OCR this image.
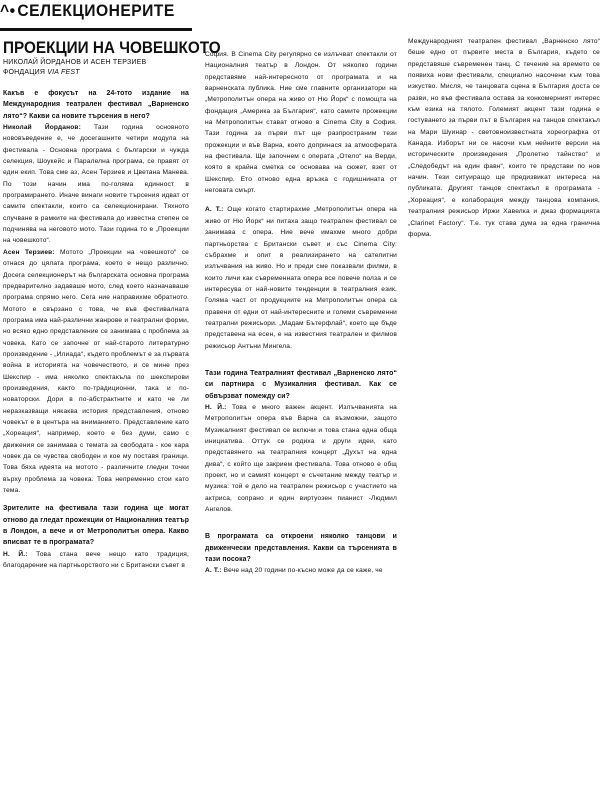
^• СЕЛЕКЦИОНЕРИТЕ
ПРОЕКЦИИ НА ЧОВЕШКОТО

НИКОЛАЙ ЙОРДАНОВ И АСЕН ТЕРЗИЕВ

ФОНДАЦИЯ VIA FEST

Какъв е фокусът на 24-тото издание на Международния театрален фестивал „Варненско лято“? Какви са новите търсения в него?

Николай Йорданов: Тази година основното нововъведение е, че досегашните четири модула на фестивала - Основна програма с български и чужда селекция, Шоукейс и Паралелна програма, се правят от един екип. Това сме аз, Асен Терзиев и Цветана Манева. По този начин има по-голяма единност в програмирането. Иначе винаги новите търсения идват от самите спектакли, които са селекционирани. Тяхното случване в рамките на фестивала до известна степен се подчинява на неговото мото. Тази година то е „Проекции на човешкото“.

Асен Терзиев: Мотото „Проекции на човешкото“ се отнася до цялата програма, което е нещо различно. Досега селекционерът на българската основна програма предварително задаваше мото, след което назначаваше програма спрямо него. Сега ние направихме обратното. Мотото е свързано с това, че във фестивалната програма има най-различни жанрове и театрални форми, но всяко едно представление се занимава с проблема за човека. Като се започне от най-старото литературно произведение - „Илиада“, където проблемът е за първата война в историята на човечеството, и се мине през Шекспир - има няколко спектакъла по шекспирови произведения, както по-традиционни, така и по-новаторски. Дори в по-абстрактните и като че ли неразказващи някаква история представления, отново човекът е в центъра на вниманието. Представление като „Хореация“, например, което е без думи, само с движения се занимава с темата за свободата - кое кара човек да се чувства свободен и кое му поставя граници. Това бяха идеята на мотото - различните гледни точки върху проблема за човека. Това непременно стои като тема.

Зрителите на фестивала тази година ще могат отново да гледат прожекции от Националния театър в Лондон, а вече и от Метрополитън опера. Какво вписват те в програмата?

Н. Й.: Това стана вече нещо като традиция, благодарение на партньорството ни с Британски съвет в

София. В Cinema City регулярно се излъчват спектакли от Националния театър в Лондон. От няколко години представяме най-интересното от програмата и на варненската публика. Ние сме главните организатори на „Метрополитън опера на живо от Ню Йорк“ с помощта на фондация „Америка за България“, като самите прожекции на Метрополитън стават отново в Cinema City в София. Тази година за първи път ще разпространим тези прожекции и във Варна, което допринася за атмосферата на фестивала. Ще започнем с операта „Отело“ на Верди, която в крайна сметка се основава на сюжет, взет от Шекспир. Ето отново една връзка с годишнината от неговата смърт.

А. Т.: Още когато стартирахме „Метрополитън опера на живо от Ню Йорк“ ни питаха защо театрален фестивал се занимава с опера. Ние вече имахме много добри партньорства с Британски съвет и със Cinema City: събрахме и опит в реализирането на сателитни излъчвания на живо. Но и преди сме показвали филми, в които личи как съвременната опера все повече полза и се интересува от най-новите тенденции в театралния език. Голяма част от продукциите на Метрополитън опера са правени от едни от най-интересните и големи съвременни театрални режисьори. „Мадам Бътерфлай“, което ще бъде представена на есен, е на известния театрален и филмов режисьор Антъни Мингела.

Тази година Театралният фестивал „Варненско лято“ си партнира с Музикалния фестивал. Как се обвързват помежду си?

Н. Й.: Това е много важен акцент. Излъчванията на Метрополитън опера във Варна са възможни, защото Музикалният фестивал се включи и това стана една обща инициатива. Оттук се родиха и други идеи, като представянето на театралния концерт „Духът на една дива“, с който ще закрием фестивала. Това отново е общ проект, но и самият концерт е съчетание между театър и музика: той е дело на театрален режисьор с участието на актриса, сопрано и един виртуозен пианист -Людмил Ангелов.

В програмата са откроени няколко танцови и движенчески представления. Какви са търсенията в тази посока?

А. Т.: Вече над 20 години по-късно може да се каже, че

Международният театрален фестивал „Варненско лято“ беше едно от първите места в България, където се представяше съвременен танц. С течение на времето се появиха нови фестивали, специално насочени към това изкуство. Мисля, че танцовата сцена в България доста се разви, но във фестивала остава за конкомерният интерес към езика на тялото. Големият акцент тази година е гостуването за първи път в България на танцов спектакъл на Мари Шуинар - световноизвестната хореографка от Канада. Изборът ни се насочи към нейните версии на историческите произведения „Пролетно тайнство“ и „Следобедът на един фавн“, които те представи по нов начин. Тези ситуиращо ще предизвикат интереса на публиката. Другият танцов спектакъл в програмата - „Хореация“, е колаборация между танцова компания, театралния режисьор Иржи Хавелка и джаз формацията „Clarinet Factory“. Т.е. тук става дума за една гранична форма.
